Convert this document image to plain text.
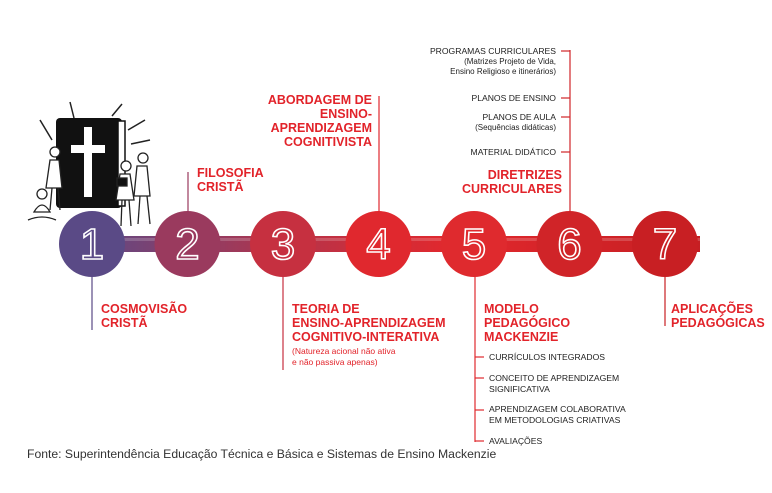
1 2 3 4 5 6 7
COSMOVISÃO
CRISTÃ
FILOSOFIA
CRISTÃ
TEORIA DE
ENSINO-APRENDIZAGEM
COGNITIVO-INTERATIVA
(Natureza acional não ativa
e não passiva apenas)
ABORDAGEM DE
ENSINO-APRENDIZAGEM
COGNITIVISTA
MODELO
PEDAGÓGICO
MACKENZIE
DIRETRIZES
CURRICULARES
APLICAÇÕES
PEDAGÓGICAS
CURRÍCULOS INTEGRADOS
CONCEITO DE APRENDIZAGEM
SIGNIFICATIVA
APRENDIZAGEM COLABORATIVA
EM METODOLOGIAS CRIATIVAS
AVALIAÇÕES
PROGRAMAS CURRICULARES
(Matrizes Projeto de Vida,
Ensino Religioso e itinerários)
PLANOS DE ENSINO
PLANOS DE AULA
(Sequências didáticas)
MATERIAL DIDÁTICO
Fonte: Superintendência Educação Técnica e Básica e Sistemas de Ensino Mackenzie
